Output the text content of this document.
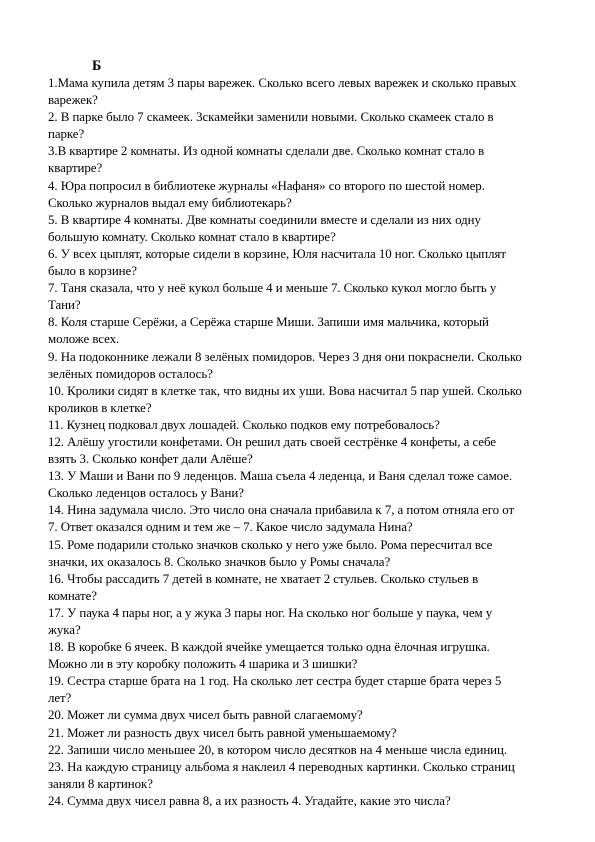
Б
1.Мама купила детям 3 пары варежек. Сколько всего левых варежек и сколько правых
варежек?
2. В парке было 7 скамеек. 3скамейки заменили новыми. Сколько скамеек стало в
парке?
3.В квартире 2 комнаты. Из одной комнаты сделали две. Сколько комнат стало в
квартире?
4. Юра попросил в библиотеке журналы «Нафаня» со второго по шестой номер.
Сколько журналов выдал ему библиотекарь?
5. В квартире 4 комнаты. Две комнаты соединили вместе и сделали из них одну
большую комнату. Сколько комнат стало в квартире?
6. У всех цыплят, которые сидели в корзине, Юля насчитала 10 ног. Сколько цыплят
было в корзине?
7. Таня сказала, что у неё кукол больше 4 и меньше 7. Сколько кукол могло быть у
Тани?
8. Коля старше Серёжи, а Серёжа старше Миши. Запиши имя мальчика, который
моложе всех.
9. На подоконнике лежали 8 зелёных помидоров. Через 3 дня они покраснели. Сколько
зелёных помидоров осталось?
10. Кролики сидят в клетке так, что видны их уши. Вова насчитал 5 пар ушей. Сколько
кроликов в клетке?
11. Кузнец подковал двух лошадей. Сколько подков ему потребовалось?
12. Алёшу угостили конфетами. Он решил дать своей сестрёнке 4 конфеты, а себе
взять 3. Сколько конфет дали Алёше?
13. У Маши и Вани по 9 леденцов. Маша съела 4 леденца, и Ваня сделал тоже самое.
Сколько леденцов осталось у Вани?
14. Нина задумала число. Это число она сначала прибавила к 7, а потом отняла его от
7. Ответ оказался одним и тем же – 7. Какое число задумала Нина?
15. Роме подарили столько значков сколько у него уже было. Рома пересчитал все
значки, их оказалось 8. Сколько значков было у Ромы сначала?
16. Чтобы рассадить 7 детей в комнате, не хватает 2 стульев. Сколько стульев в
комнате?
17. У паука 4 пары ног, а у жука 3 пары ног. На сколько ног больше у паука, чем у
жука?
18. В коробке 6 ячеек. В каждой ячейке умещается только одна ёлочная игрушка.
Можно ли в эту коробку положить 4 шарика и 3 шишки?
19. Сестра старше брата на 1 год. На сколько лет сестра будет старше брата через 5
лет?
20. Может ли сумма двух чисел быть равной слагаемому?
21. Может ли разность двух чисел быть равной уменьшаемому?
22. Запиши число меньшее 20, в котором число десятков на 4 меньше числа единиц.
23. На каждую страницу альбома я наклеил 4 переводных картинки. Сколько страниц
заняли 8 картинок?
24. Сумма двух чисел равна 8, а их разность 4. Угадайте, какие это числа?
